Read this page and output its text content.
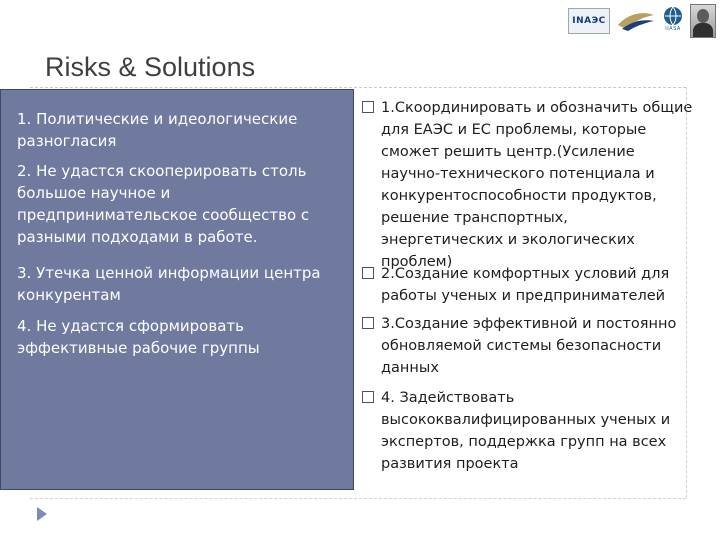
INAЭС
IIASA
Risks & Solutions
1. Политические и идеологические разногласия
2. Не удастся скооперировать столь большое научное и предпринимательское сообщество с разными подходами в работе.
3. Утечка ценной информации центра конкурентам
4. Не удастся сформировать эффективные рабочие группы
1.Скоординировать и обозначить общие для ЕАЭС и ЕС проблемы, которые сможет решить центр.(Усиление научно-технического потенциала и конкурентоспособности продуктов, решение транспортных, энергетических и экологических проблем)
2.Создание комфортных условий для работы ученых и предпринимателей
3.Создание эффективной и постоянно обновляемой системы безопасности данных
4. Задействовать высококвалифицированных ученых и экспертов, поддержка групп на всех развития проекта
